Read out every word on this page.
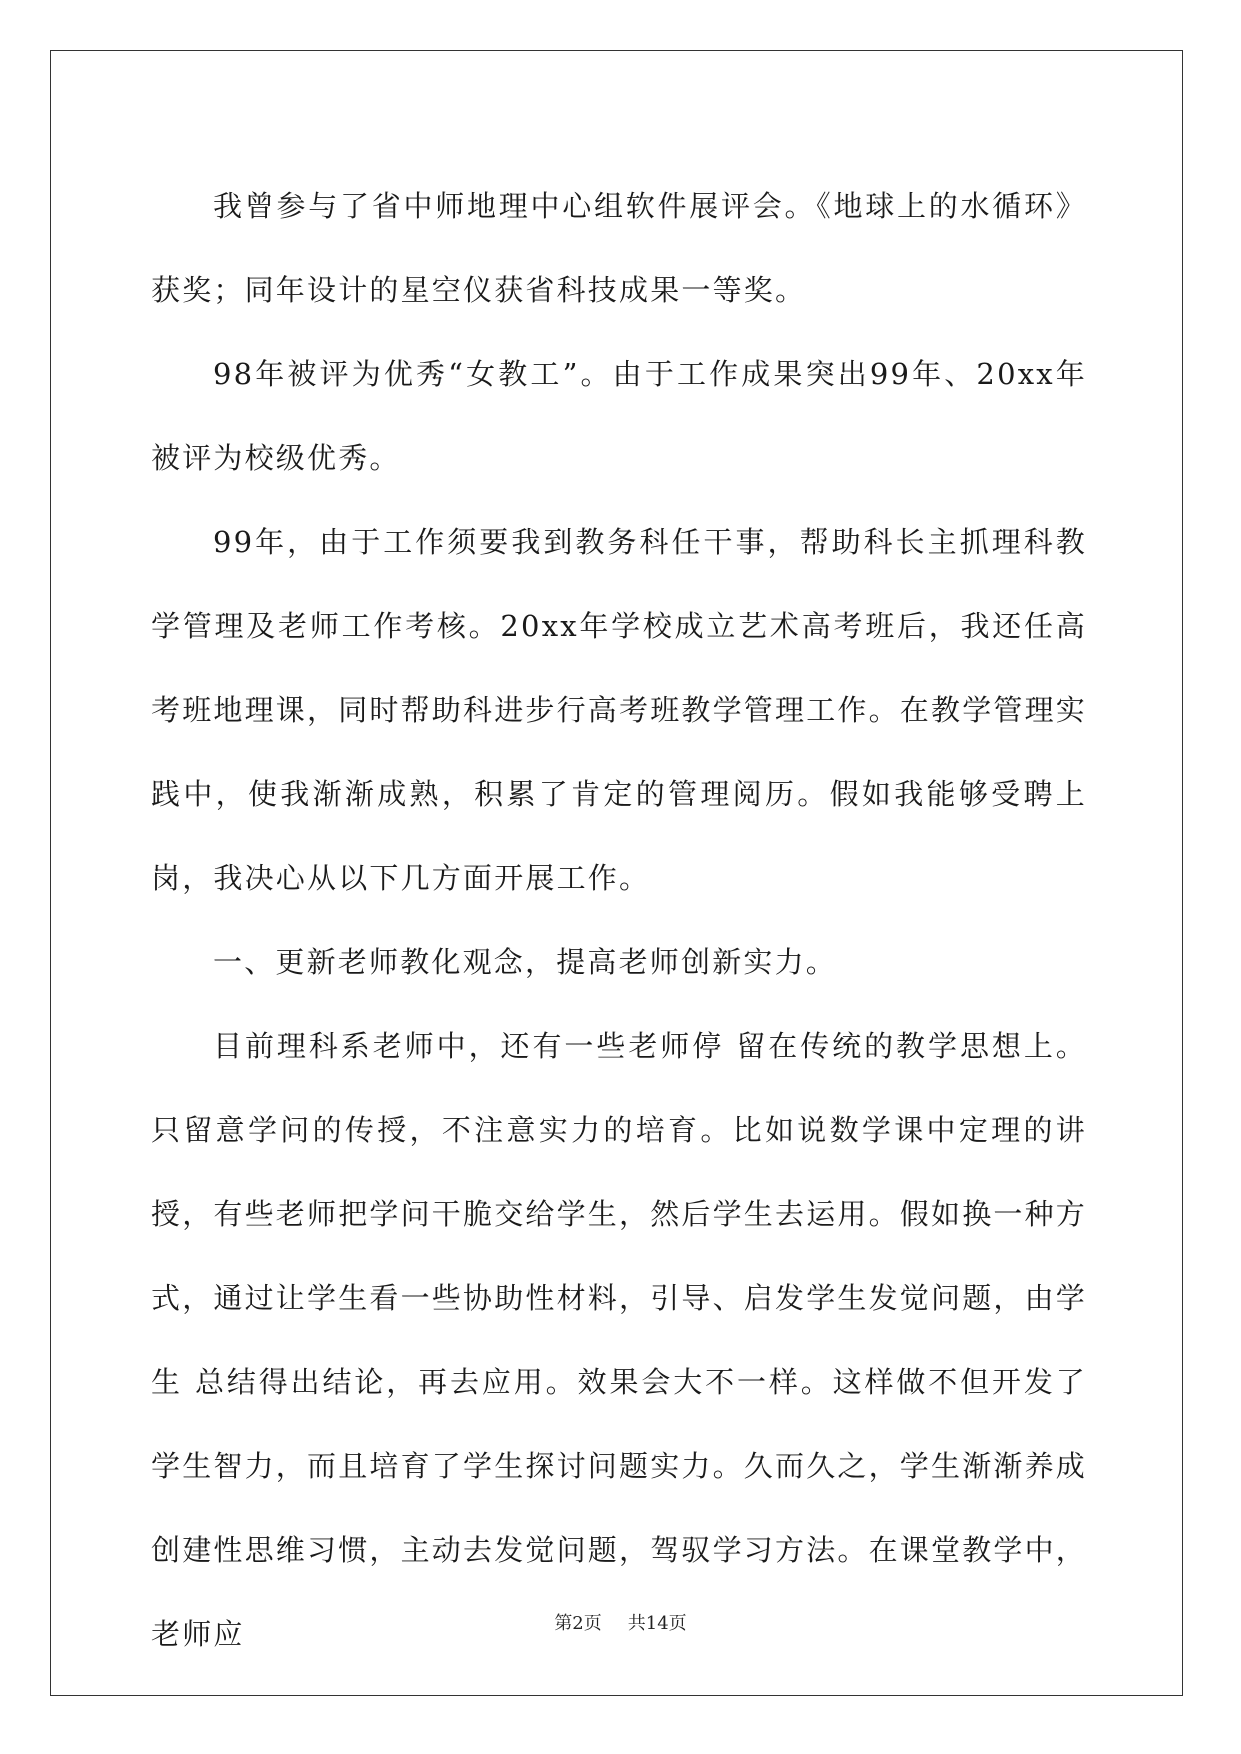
我曾参与了省中师地理中心组软件展评会。《地球上的水循环》获奖；同年设计的星空仪获省科技成果一等奖。

98年被评为优秀“女教工”。由于工作成果突出99年、20xx年被评为校级优秀。

99年，由于工作须要我到教务科任干事，帮助科长主抓理科教学管理及老师工作考核。20xx年学校成立艺术高考班后，我还任高考班地理课，同时帮助科进步行高考班教学管理工作。在教学管理实践中，使我渐渐成熟，积累了肯定的管理阅历。假如我能够受聘上岗，我决心从以下几方面开展工作。

一、更新老师教化观念，提高老师创新实力。

目前理科系老师中，还有一些老师停 留在传统的教学思想上。只留意学问的传授，不注意实力的培育。比如说数学课中定理的讲授，有些老师把学问干脆交给学生，然后学生去运用。假如换一种方式，通过让学生看一些协助性材料，引导、启发学生发觉问题，由学生 总结得出结论，再去应用。效果会大不一样。这样做不但开发了学生智力，而且培育了学生探讨问题实力。久而久之，学生渐渐养成创建性思维习惯，主动去发觉问题，驾驭学习方法。在课堂教学中，老师应	第2页 共14页
